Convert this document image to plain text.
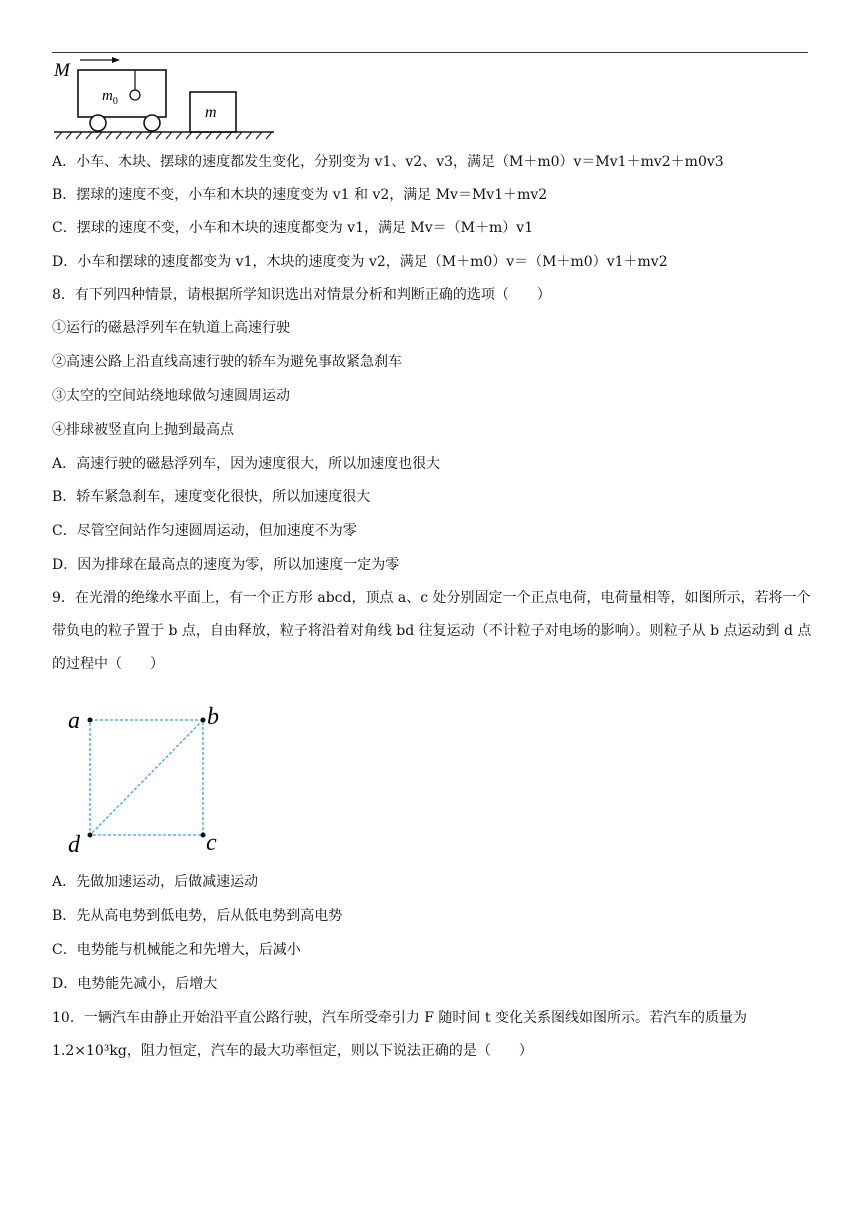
M
$m_0$
m
A．小车、木块、摆球的速度都发生变化，分别变为 v1、v2、v3，满足（M＋m0）v＝Mv1＋mv2＋m0v3
B．摆球的速度不变，小车和木块的速度变为 v1 和 v2，满足 Mv＝Mv1＋mv2
C．摆球的速度不变，小车和木块的速度都变为 v1，满足 Mv＝（M＋m）v1
D．小车和摆球的速度都变为 v1，木块的速度变为 v2，满足（M＋m0）v＝（M＋m0）v1＋mv2
8．有下列四种情景，请根据所学知识选出对情景分析和判断正确的选项（　　）
①运行的磁悬浮列车在轨道上高速行驶
②高速公路上沿直线高速行驶的轿车为避免事故紧急刹车
③太空的空间站绕地球做匀速圆周运动
④排球被竖直向上抛到最高点
A．高速行驶的磁悬浮列车，因为速度很大，所以加速度也很大
B．轿车紧急刹车，速度变化很快，所以加速度很大
C．尽管空间站作匀速圆周运动，但加速度不为零
D．因为排球在最高点的速度为零，所以加速度一定为零
9．在光滑的绝缘水平面上，有一个正方形 abcd，顶点 a、c 处分别固定一个正点电荷，电荷量相等，如图所示，若将一个带负电的粒子置于 b 点，自由释放，粒子将沿着对角线 bd 往复运动（不计粒子对电场的影响）。则粒子从 b 点运动到 d 点的过程中（　　）
a	b
c
d
A．先做加速运动，后做减速运动
B．先从高电势到低电势，后从低电势到高电势
C．电势能与机械能之和先增大，后减小
D．电势能先减小，后增大
10．一辆汽车由静止开始沿平直公路行驶，汽车所受牵引力 F 随时间 t 变化关系图线如图所示。若汽车的质量为 1.2×10³kg，阻力恒定，汽车的最大功率恒定，则以下说法正确的是（　　）
